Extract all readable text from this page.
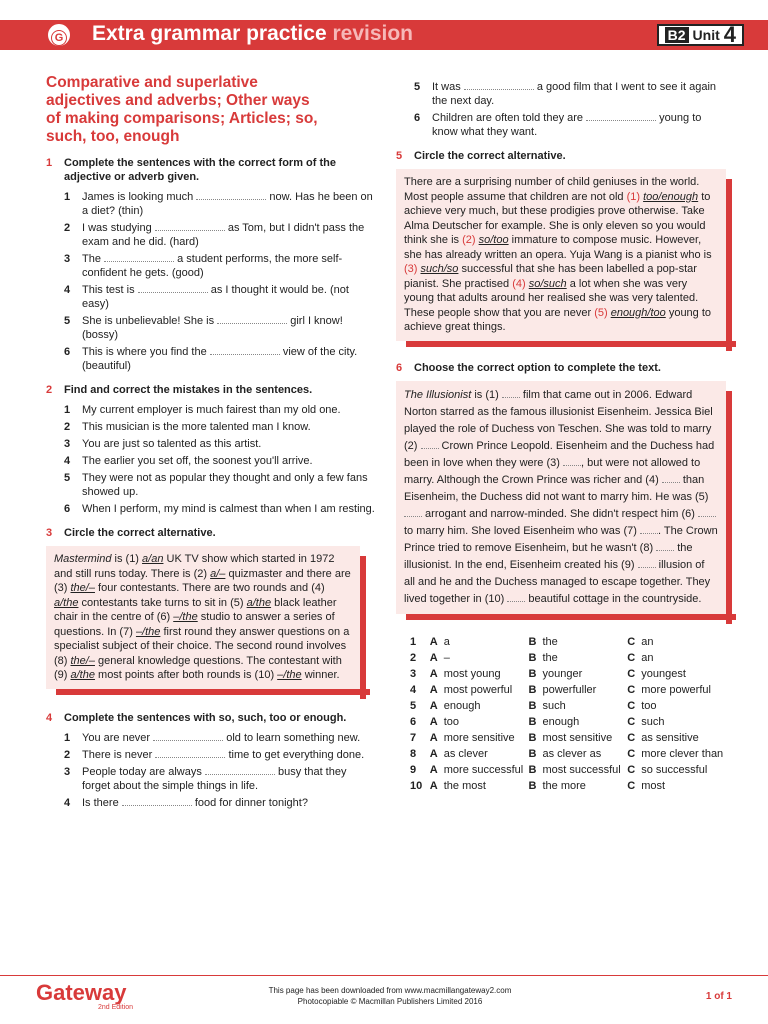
G	Extra grammar practice revision	B2 Unit 4
Comparative and superlative
adjectives and adverbs; Other ways
of making comparisons; Articles; so,
such, too, enough
1	Complete the sentences with the correct form of the adjective or adverb given.
1	James is looking much	now. Has he been on a diet? (thin)
2	I was studying	as Tom, but I didn't pass the exam and he did. (hard)
3	The	a student performs, the more self-confident he gets. (good)
4	This test is	as I thought it would be. (not easy)
5	She is unbelievable! She is	girl I know! (bossy)
6	This is where you find the	view of the city. (beautiful)
2	Find and correct the mistakes in the sentences.
1	My current employer is much fairest than my old one.
2	This musician is the more talented man I know.
3	You are just so talented as this artist.
4	The earlier you set off, the soonest you'll arrive.
5	They were not as popular they thought and only a few fans showed up.
6	When I perform, my mind is calmest than when I am resting.
3	Circle the correct alternative.
Mastermind is (1) a/an UK TV show which started in 1972 and still runs today. There is (2) a/– quizmaster and there are (3) the/– four contestants. There are two rounds and (4) a/the contestants take turns to sit in (5) a/the black leather chair in the centre of (6) –/the studio to answer a series of questions. In (7) –/the first round they answer questions on a specialist subject of their choice. The second round involves (8) the/– general knowledge questions. The contestant with (9) a/the most points after both rounds is (10) –/the winner.
4	Complete the sentences with so, such, too or enough.
1	You are never	old to learn something new.
2	There is never	time to get everything done.
3	People today are always	busy that they forget about the simple things in life.
4	Is there	food for dinner tonight?
5	It was	a good film that I went to see it again the next day.
6	Children are often told they are	young to know what they want.
5	Circle the correct alternative.
There are a surprising number of child geniuses in the world. Most people assume that children are not old (1) too/enough to achieve very much, but these prodigies prove otherwise. Take Alma Deutscher for example. She is only eleven so you would think she is (2) so/too immature to compose music. However, she has already written an opera. Yuja Wang is a pianist who is (3) such/so successful that she has been labelled a pop-star pianist. She practised (4) so/such a lot when she was very young that adults around her realised she was very talented. These people show that you are never (5) enough/too young to achieve great things.
6	Choose the correct option to complete the text.
The Illusionist is (1)  film that came out in 2006. Edward Norton starred as the famous illusionist Eisenheim. Jessica Biel played the role of Duchess von Teschen. She was told to marry (2)  Crown Prince Leopold. Eisenheim and the Duchess had been in love when they were (3) , but were not allowed to marry. Although the Crown Prince was richer and (4)  than Eisenheim, the Duchess did not want to marry him. He was (5)  arrogant and narrow-minded. She didn't respect him (6)  to marry him. She loved Eisenheim who was (7) . The Crown Prince tried to remove Eisenheim, but he wasn't (8)  the illusionist. In the end, Eisenheim created his (9)  illusion of all and he and the Duchess managed to escape together. They lived together in (10)  beautiful cottage in the countryside.
1	A a	B the	C an
2	A –	B the	C an
3	A most young	B younger	C youngest
4	A most powerful B powerfuller	C more powerful
5	A enough	B such	C too
6	A too	B enough	C such
7	A more sensitive B most sensitive C as sensitive
8	A as clever	B as clever as C more clever than
9	A more successful B most successful C so successful
10 A the most	B the more	C most
Gateway
2nd Edition
This page has been downloaded from www.macmillangateway2.com
Photocopiable © Macmillan Publishers Limited 2016	1 of 1
